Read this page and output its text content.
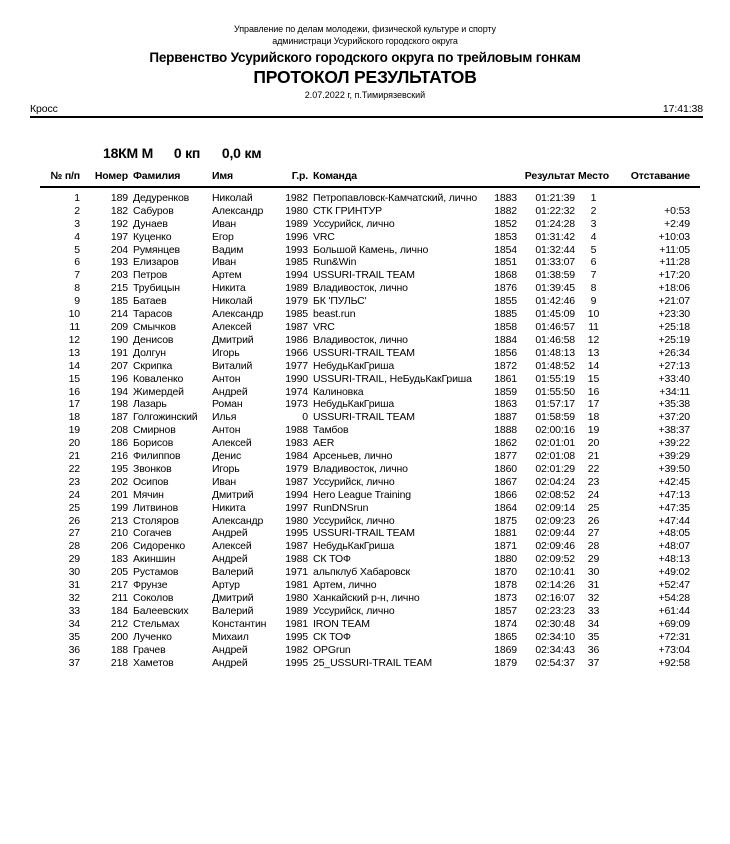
Управление по делам молодежи, физической культуре и спорту
администраци Усурийского городского округа
Первенство Усурийского городского округа по трейловым гонкам
ПРОТОКОЛ РЕЗУЛЬТАТОВ
2.07.2022 г, п.Тимирязевский
Кросс	17:41:38
18КМ М 0 кп 0,0 км
№ п/п	Номер	Фамилия	Имя	Г.р.	Команда		Результат	Место	Отставание
1	189	Дедуренков	Николай	1982	Петропавловск-Камчатский, лично	1883	01:21:39	1	
2	182	Сабуров	Александр	1980	СТК ГРИНТУР	1882	01:22:32	2	+0:53
3	192	Дунаев	Иван	1989	Уссурийск, лично	1852	01:24:28	3	+2:49
4	197	Куценко	Егор	1996	VRC	1853	01:31:42	4	+10:03
5	204	Румянцев	Вадим	1993	Большой Камень, лично	1854	01:32:44	5	+11:05
6	193	Елизаров	Иван	1985	Run&Win	1851	01:33:07	6	+11:28
7	203	Петров	Артем	1994	USSURI-TRAIL TEAM	1868	01:38:59	7	+17:20
8	215	Трубицын	Никита	1989	Владивосток, лично	1876	01:39:45	8	+18:06
9	185	Батаев	Николай	1979	БК 'ПУЛЬС'	1855	01:42:46	9	+21:07
10	214	Тарасов	Александр	1985	beast.run	1885	01:45:09	10	+23:30
11	209	Смычков	Алексей	1987	VRC	1858	01:46:57	11	+25:18
12	190	Денисов	Дмитрий	1986	Владивосток, лично	1884	01:46:58	12	+25:19
13	191	Долгун	Игорь	1966	USSURI-TRAIL TEAM	1856	01:48:13	13	+26:34
14	207	Скрипка	Виталий	1977	НебудьКакГриша	1872	01:48:52	14	+27:13
15	196	Коваленко	Антон	1990	USSURI-TRAIL, НеБудьКакГриша	1861	01:55:19	15	+33:40
16	194	Жимердей	Андрей	1974	Калиновка	1859	01:55:50	16	+34:11
17	198	Лазарь	Роман	1973	НебудьКакГриша	1863	01:57:17	17	+35:38
18	187	Голгожинский	Илья	0	USSURI-TRAIL TEAM	1887	01:58:59	18	+37:20
19	208	Смирнов	Антон	1988	Тамбов	1888	02:00:16	19	+38:37
20	186	Борисов	Алексей	1983	AER	1862	02:01:01	20	+39:22
21	216	Филиппов	Денис	1984	Арсеньев, лично	1877	02:01:08	21	+39:29
22	195	Звонков	Игорь	1979	Владивосток, лично	1860	02:01:29	22	+39:50
23	202	Осипов	Иван	1987	Уссурийск, лично	1867	02:04:24	23	+42:45
24	201	Мячин	Дмитрий	1994	Hero League Training	1866	02:08:52	24	+47:13
25	199	Литвинов	Никита	1997	RunDNSrun	1864	02:09:14	25	+47:35
26	213	Столяров	Александр	1980	Уссурийск, лично	1875	02:09:23	26	+47:44
27	210	Согачев	Андрей	1995	USSURI-TRAIL TEAM	1881	02:09:44	27	+48:05
28	206	Сидоренко	Алексей	1987	НебудьКакГриша	1871	02:09:46	28	+48:07
29	183	Акиншин	Андрей	1988	СК ТОФ	1880	02:09:52	29	+48:13
30	205	Рустамов	Валерий	1971	альпклуб Хабаровск	1870	02:10:41	30	+49:02
31	217	Фрунзе	Артур	1981	Артем, лично	1878	02:14:26	31	+52:47
32	211	Соколов	Дмитрий	1980	Ханкайский р-н, лично	1873	02:16:07	32	+54:28
33	184	Балеевских	Валерий	1989	Уссурийск, лично	1857	02:23:23	33	+61:44
34	212	Стельмах	Константин	1981	IRON TEAM	1874	02:30:48	34	+69:09
35	200	Лученко	Михаил	1995	СК ТОФ	1865	02:34:10	35	+72:31
36	188	Грачев	Андрей	1982	OPGrun	1869	02:34:43	36	+73:04
37	218	Хаметов	Андрей	1995	25_USSURI-TRAIL TEAM	1879	02:54:37	37	+92:58
